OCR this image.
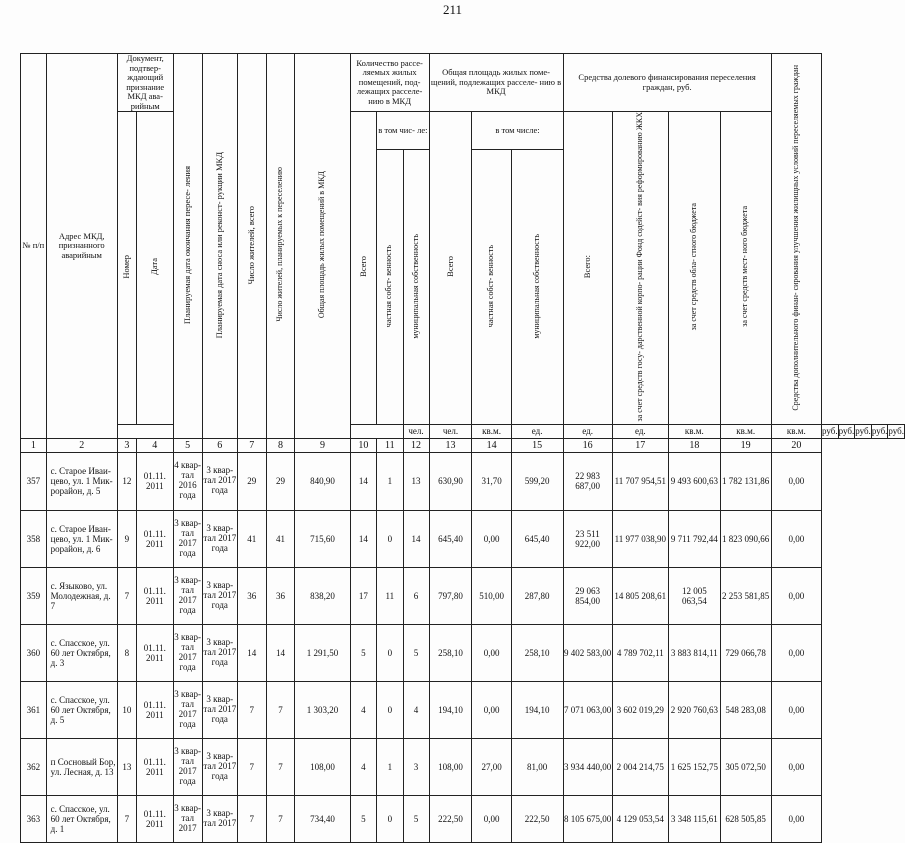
211
№ п/п	Адрес МКД, признанного аварийным	Документ, подтвер- ждающий признание МКД ава- рийным		Планируемая дата окончания пересе- ления	Планируемая дата сноса или реконст- рукции МКД	Число жителей, всего	Число жителей, планируемых к переселению	Общая площадь жилых помещений в МКД	Количество рассе- ляемых жилых помещений, под- лежащих расселе- нию в МКД			Общая площадь жилых поме- щений, подлежащих расселе- нию в МКД			Средства долевого финансирования переселения граждан, руб.				Средства дополнительного финан- сирования улучшения жилищных условий переселяемых граждан					
		Номер	Дата						Всего	в том чис- ле:		Всего	в том числе:		Всего:	за счет средств госу- дарственной корпо- рации Фонд содейст- вия реформированию ЖКХ	за счет средств обла- стного бюджета	за счет средств мест- ного бюджета						
										частная собст- венность	муниципальная собственность		частная собст- венность	муниципальная собственность										
											чел.	чел.	кв.м.	ед.	ед.	ед.	кв.м.	кв.м.	кв.м.	руб.	руб.	руб.	руб.	руб.
1	2	3	4	5	6	7	8	9	10	11	12	13	14	15	16	17	18	19	20					
357	с. Старое Иваи- цево, ул. 1 Мик- рорайон, д. 5	12	01.11. 2011	4 квар- тал 2016 года	3 квар- тал 2017 года	29	29	840,90	14	1	13	630,90	31,70	599,20	22 983 687,00	11 707 954,51	9 493 600,63	1 782 131,86	0,00					
358	с. Старое Иван- цево, ул. 1 Мик- рорайон, д. 6	9	01.11. 2011	3 квар- тал 2017 года	3 квар- тал 2017 года	41	41	715,60	14	0	14	645,40	0,00	645,40	23 511 922,00	11 977 038,90	9 711 792,44	1 823 090,66	0,00					
359	с. Языково, ул. Молодежная, д. 7	7	01.11. 2011	3 квар- тал 2017 года	3 квар- тал 2017 года	36	36	838,20	17	11	6	797,80	510,00	287,80	29 063 854,00	14 805 208,61	12 005 063,54	2 253 581,85	0,00					
360	с. Спасское, ул. 60 лет Октября, д. 3	8	01.11. 2011	3 квар- тал 2017 года	3 квар- тал 2017 года	14	14	1 291,50	5	0	5	258,10	0,00	258,10	9 402 583,00	4 789 702,11	3 883 814,11	729 066,78	0,00					
361	с. Спасское, ул. 60 лет Октября, д. 5	10	01.11. 2011	3 квар- тал 2017 года	3 квар- тал 2017 года	7	7	1 303,20	4	0	4	194,10	0,00	194,10	7 071 063,00	3 602 019,29	2 920 760,63	548 283,08	0,00					
362	п Сосновый Бор, ул. Лесная, д. 13	13	01.11. 2011	3 квар- тал 2017 года	3 квар- тал 2017 года	7	7	108,00	4	1	3	108,00	27,00	81,00	3 934 440,00	2 004 214,75	1 625 152,75	305 072,50	0,00					
363	с. Спасское, ул. 60 лет Октября, д. 1	7	01.11. 2011	3 квар- тал 2017	3 квар- тал 2017	7	7	734,40	5	0	5	222,50	0,00	222,50	8 105 675,00	4 129 053,54	3 348 115,61	628 505,85	0,00					
